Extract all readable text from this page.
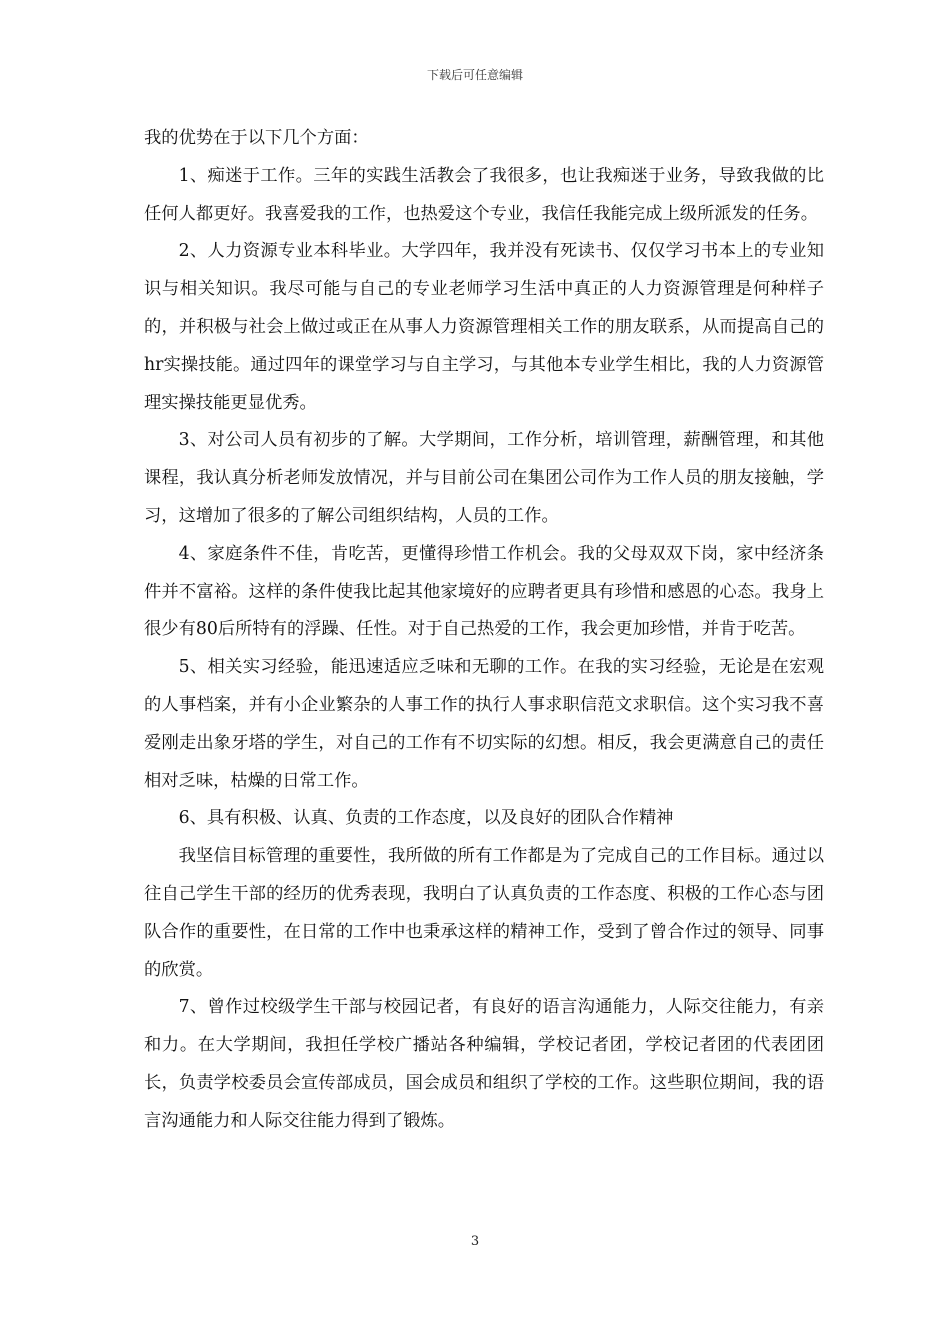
下载后可任意编辑

我的优势在于以下几个方面：

1、痴迷于工作。三年的实践生活教会了我很多，也让我痴迷于业务，导致我做的比任何人都更好。我喜爱我的工作，也热爱这个专业，我信任我能完成上级所派发的任务。

2、人力资源专业本科毕业。大学四年，我并没有死读书、仅仅学习书本上的专业知识与相关知识。我尽可能与自己的专业老师学习生活中真正的人力资源管理是何种样子的，并积极与社会上做过或正在从事人力资源管理相关工作的朋友联系，从而提高自己的hr实操技能。通过四年的课堂学习与自主学习，与其他本专业学生相比，我的人力资源管理实操技能更显优秀。

3、对公司人员有初步的了解。大学期间，工作分析，培训管理，薪酬管理，和其他课程，我认真分析老师发放情况，并与目前公司在集团公司作为工作人员的朋友接触，学习，这增加了很多的了解公司组织结构，人员的工作。

4、家庭条件不佳，肯吃苦，更懂得珍惜工作机会。我的父母双双下岗，家中经济条件并不富裕。这样的条件使我比起其他家境好的应聘者更具有珍惜和感恩的心态。我身上很少有80后所特有的浮躁、任性。对于自己热爱的工作，我会更加珍惜，并肯于吃苦。

5、相关实习经验，能迅速适应乏味和无聊的工作。在我的实习经验，无论是在宏观的人事档案，并有小企业繁杂的人事工作的执行人事求职信范文求职信。这个实习我不喜爱刚走出象牙塔的学生，对自己的工作有不切实际的幻想。相反，我会更满意自己的责任相对乏味，枯燥的日常工作。

6、具有积极、认真、负责的工作态度，以及良好的团队合作精神

我坚信目标管理的重要性，我所做的所有工作都是为了完成自己的工作目标。通过以往自己学生干部的经历的优秀表现，我明白了认真负责的工作态度、积极的工作心态与团队合作的重要性，在日常的工作中也秉承这样的精神工作，受到了曾合作过的领导、同事的欣赏。

7、曾作过校级学生干部与校园记者，有良好的语言沟通能力，人际交往能力，有亲和力。在大学期间，我担任学校广播站各种编辑，学校记者团，学校记者团的代表团团长，负责学校委员会宣传部成员，国会成员和组织了学校的工作。这些职位期间，我的语言沟通能力和人际交往能力得到了锻炼。

3
